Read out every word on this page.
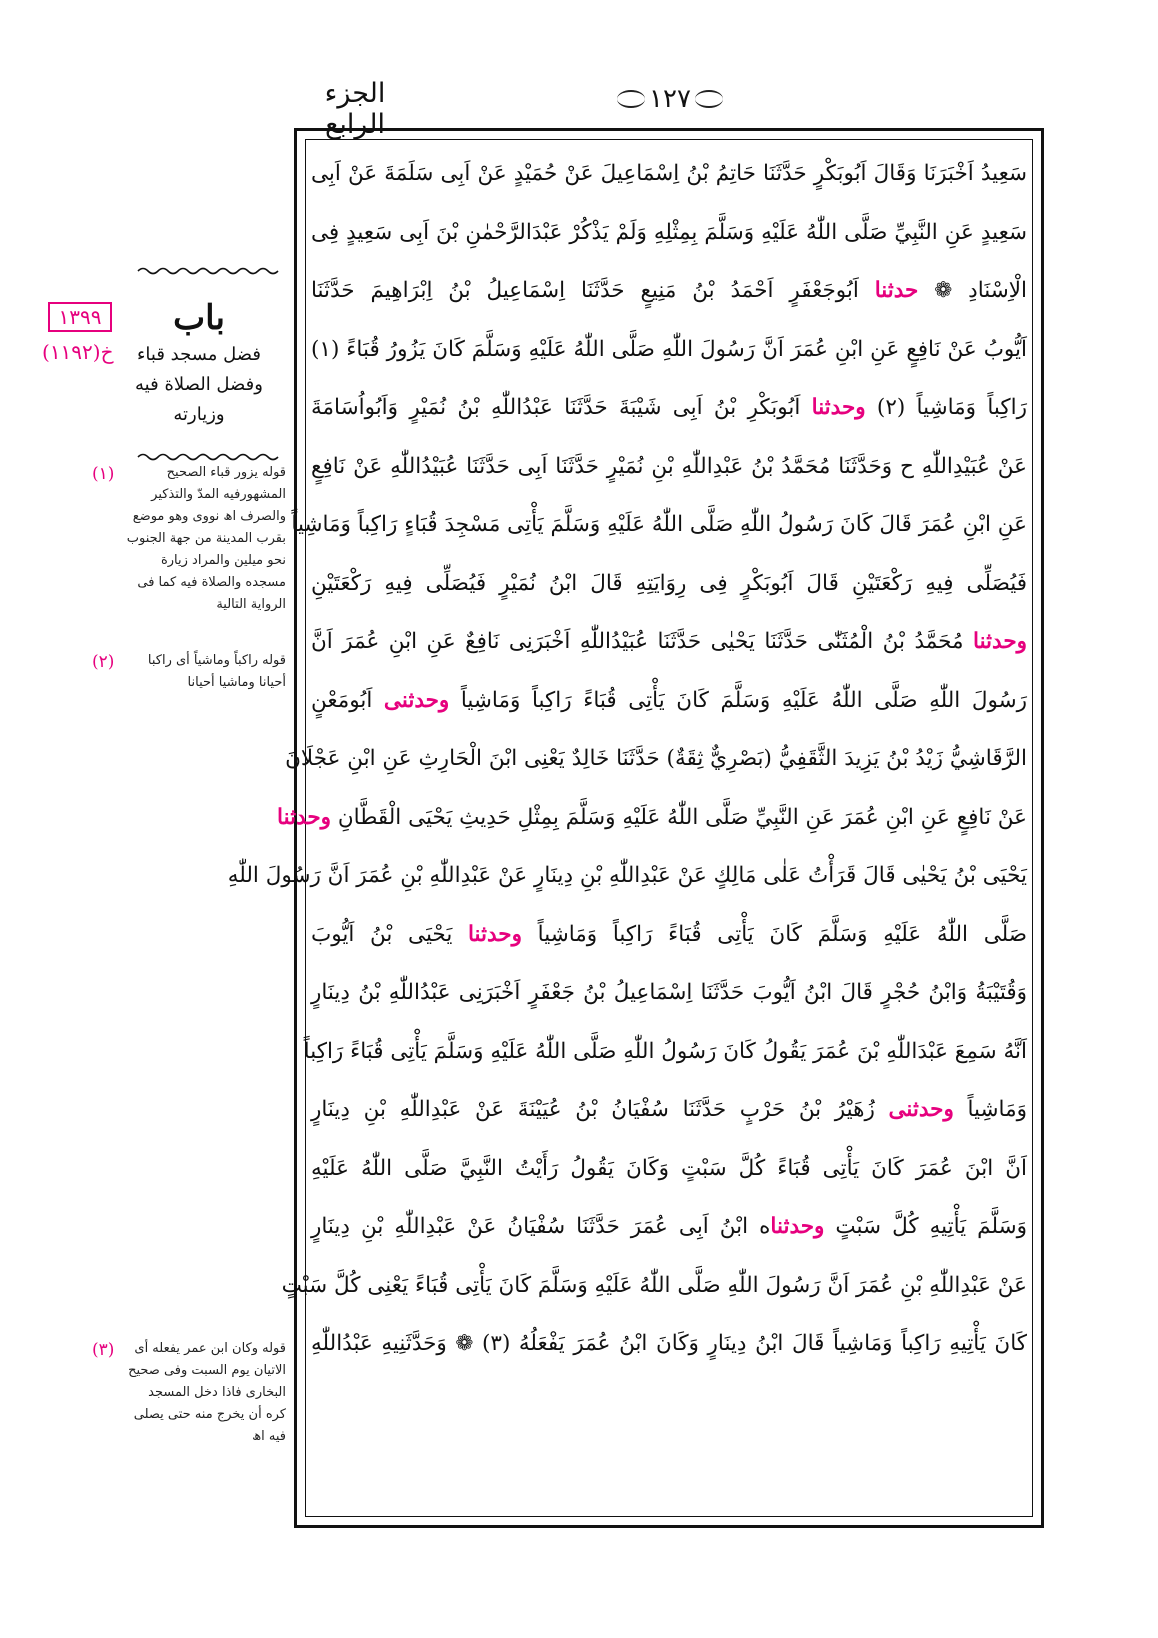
الجزء الرابع
١٢٧
سَعِيدُ اَخْبَرَنَا وَقَالَ اَبُوبَكْرٍ حَدَّثَنَا حَاتِمُ بْنُ اِسْمَاعِيلَ عَنْ حُمَيْدٍ عَنْ اَبِى سَلَمَةَ عَنْ اَبِى
سَعِيدٍ عَنِ النَّبِيِّ صَلَّى اللّٰهُ عَلَيْهِ وَسَلَّمَ بِمِثْلِهِ وَلَمْ يَذْكُرْ عَبْدَالرَّحْمٰنِ بْنَ اَبِى سَعِيدٍ فِى
الْاِسْنَادِ ❁ حدثنا اَبُوجَعْفَرٍ اَحْمَدُ بْنُ مَنِيعٍ حَدَّثَنَا اِسْمَاعِيلُ بْنُ اِبْرَاهِيمَ حَدَّثَنَا
اَيُّوبُ عَنْ نَافِعٍ عَنِ ابْنِ عُمَرَ اَنَّ رَسُولَ اللّٰهِ صَلَّى اللّٰهُ عَلَيْهِ وَسَلَّمَ كَانَ يَزُورُ قُبَاءً (١)
رَاكِباً وَمَاشِياً (٢) وحدثنا اَبُوبَكْرِ بْنُ اَبِى شَيْبَةَ حَدَّثَنَا عَبْدُاللّٰهِ بْنُ نُمَيْرٍ وَاَبُواُسَامَةَ
عَنْ عُبَيْدِاللّٰهِ ح وَحَدَّثَنَا مُحَمَّدُ بْنُ عَبْدِاللّٰهِ بْنِ نُمَيْرٍ حَدَّثَنَا اَبِى حَدَّثَنَا عُبَيْدُاللّٰهِ عَنْ نَافِعٍ
عَنِ ابْنِ عُمَرَ قَالَ كَانَ رَسُولُ اللّٰهِ صَلَّى اللّٰهُ عَلَيْهِ وَسَلَّمَ يَأْتِى مَسْجِدَ قُبَاءٍ رَاكِباً وَمَاشِياً
فَيُصَلِّى فِيهِ رَكْعَتَيْنِ قَالَ اَبُوبَكْرٍ فِى رِوَايَتِهِ قَالَ ابْنُ نُمَيْرٍ فَيُصَلِّى فِيهِ رَكْعَتَيْنِ
وحدثنا مُحَمَّدُ بْنُ الْمُثَنّٰى حَدَّثَنَا يَحْيٰى حَدَّثَنَا عُبَيْدُاللّٰهِ اَخْبَرَنِى نَافِعٌ عَنِ ابْنِ عُمَرَ اَنَّ
رَسُولَ اللّٰهِ صَلَّى اللّٰهُ عَلَيْهِ وَسَلَّمَ كَانَ يَأْتِى قُبَاءً رَاكِباً وَمَاشِياً وحدثنى اَبُومَعْنٍ
الرَّقَاشِيُّ زَيْدُ بْنُ يَزِيدَ الثَّقَفِيُّ (بَصْرِيٌّ ثِقَةٌ) حَدَّثَنَا خَالِدٌ يَعْنِى ابْنَ الْحَارِثِ عَنِ ابْنِ عَجْلَانَ
عَنْ نَافِعٍ عَنِ ابْنِ عُمَرَ عَنِ النَّبِيِّ صَلَّى اللّٰهُ عَلَيْهِ وَسَلَّمَ بِمِثْلِ حَدِيثِ يَحْيَى الْقَطَّانِ وحدثنا
يَحْيَى بْنُ يَحْيٰى قَالَ قَرَأْتُ عَلٰى مَالِكٍ عَنْ عَبْدِاللّٰهِ بْنِ دِينَارٍ عَنْ عَبْدِاللّٰهِ بْنِ عُمَرَ اَنَّ رَسُولَ اللّٰهِ
صَلَّى اللّٰهُ عَلَيْهِ وَسَلَّمَ كَانَ يَأْتِى قُبَاءً رَاكِباً وَمَاشِياً وحدثنا يَحْيَى بْنُ اَيُّوبَ
وَقُتَيْبَةُ وَابْنُ حُجْرٍ قَالَ ابْنُ اَيُّوبَ حَدَّثَنَا اِسْمَاعِيلُ بْنُ جَعْفَرٍ اَخْبَرَنِى عَبْدُاللّٰهِ بْنُ دِينَارٍ
اَنَّهُ سَمِعَ عَبْدَاللّٰهِ بْنَ عُمَرَ يَقُولُ كَانَ رَسُولُ اللّٰهِ صَلَّى اللّٰهُ عَلَيْهِ وَسَلَّمَ يَأْتِى قُبَاءً رَاكِباً
وَمَاشِياً وحدثنى زُهَيْرُ بْنُ حَرْبٍ حَدَّثَنَا سُفْيَانُ بْنُ عُيَيْنَةَ عَنْ عَبْدِاللّٰهِ بْنِ دِينَارٍ
اَنَّ ابْنَ عُمَرَ كَانَ يَأْتِى قُبَاءً كُلَّ سَبْتٍ وَكَانَ يَقُولُ رَأَيْتُ النَّبِيَّ صَلَّى اللّٰهُ عَلَيْهِ
وَسَلَّمَ يَأْتِيهِ كُلَّ سَبْتٍ وحدثناه ابْنُ اَبِى عُمَرَ حَدَّثَنَا سُفْيَانُ عَنْ عَبْدِاللّٰهِ بْنِ دِينَارٍ
عَنْ عَبْدِاللّٰهِ بْنِ عُمَرَ اَنَّ رَسُولَ اللّٰهِ صَلَّى اللّٰهُ عَلَيْهِ وَسَلَّمَ كَانَ يَأْتِى قُبَاءً يَعْنِى كُلَّ سَبْتٍ
كَانَ يَأْتِيهِ رَاكِباً وَمَاشِياً قَالَ ابْنُ دِينَارٍ وَكَانَ ابْنُ عُمَرَ يَفْعَلُهُ (٣) ❁ وَحَدَّثَنِيهِ عَبْدُاللّٰهِ
١٣٩٩
خ(١١٩٢)
باب
فضل مسجد قباء
وفضل الصلاة فيه
وزيارته
(١)	قوله يزور قباء الصحيح المشهورفيه المدّ والتذكير والصرف اھ نووى وهو موضع بقرب المدينة من جهة الجنوب نحو ميلين والمراد زيارة مسجده والصلاة فيه كما فى الرواية التالية
(٢)	قوله راكباً وماشياً أى راكبا أحيانا وماشيا أحيانا
(٣)	قوله وكان ابن عمر يفعله أى الاتيان يوم السبت وفى صحيح البخارى فاذا دخل المسجد كره أن يخرج منه حتى يصلى فيه اھ
